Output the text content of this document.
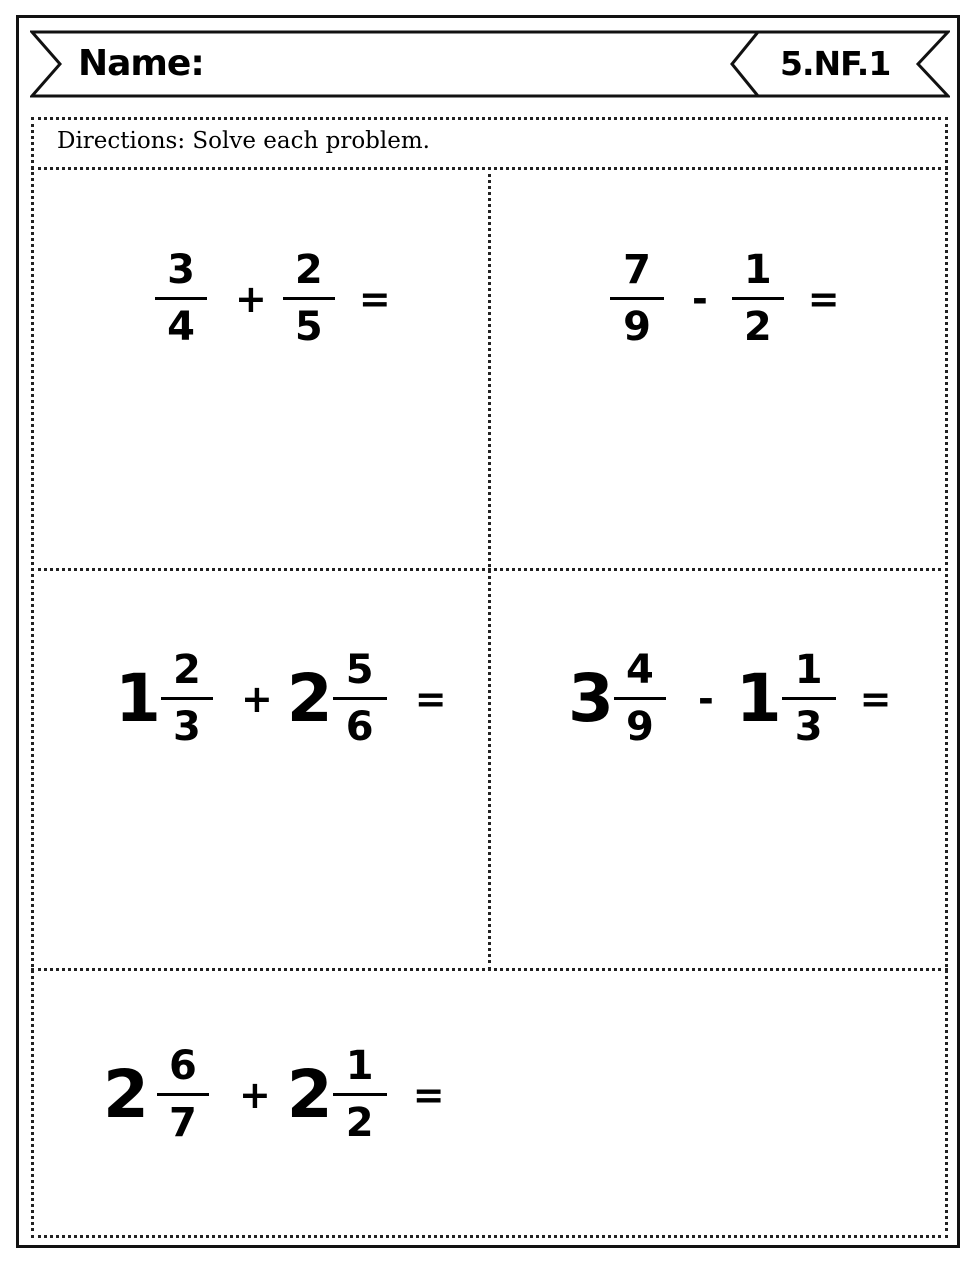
Name:	5.NF.1
Directions: Solve each problem.
$\frac{3}{4} + \frac{2}{5}$ =	$\frac{7}{9} - \frac{1}{2}$ =
$1 \frac{2}{3} + 2 \frac{5}{6} = 3 \frac{4}{9} - 1 \frac{1}{3}$ =
$2 \frac{6}{7} + 2 \frac{1}{2}$ =
